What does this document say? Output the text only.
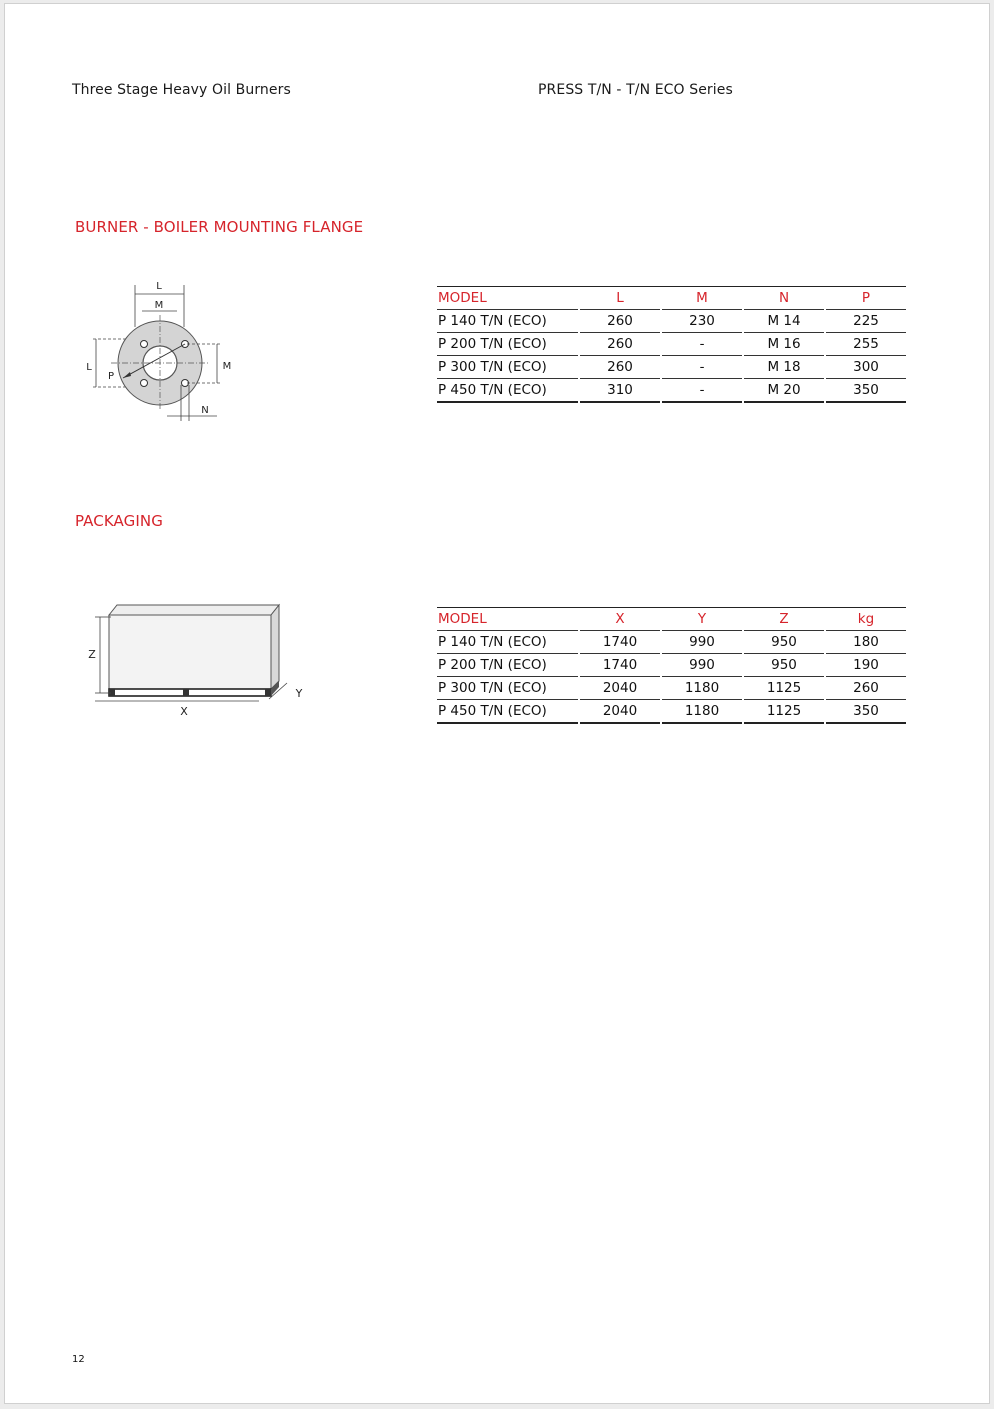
Three Stage Heavy Oil Burners	PRESS T/N - T/N ECO Series
BURNER - BOILER MOUNTING FLANGE
L
M
L
P
M
N
MODEL		L		M		N		P
P 140 T/N (ECO)		260		230		M 14		225
P 200 T/N (ECO)		260		-		M 16		255
P 300 T/N (ECO)		260		-		M 18		300
P 450 T/N (ECO)		310		-		M 20		350
PACKAGING
Z
X
Y
MODEL		X		Y		Z		kg
P 140 T/N (ECO)		1740		990		950		180
P 200 T/N (ECO)		1740		990		950		190
P 300 T/N (ECO)		2040		1180		1125		260
P 450 T/N (ECO)		2040		1180		1125		350
12
